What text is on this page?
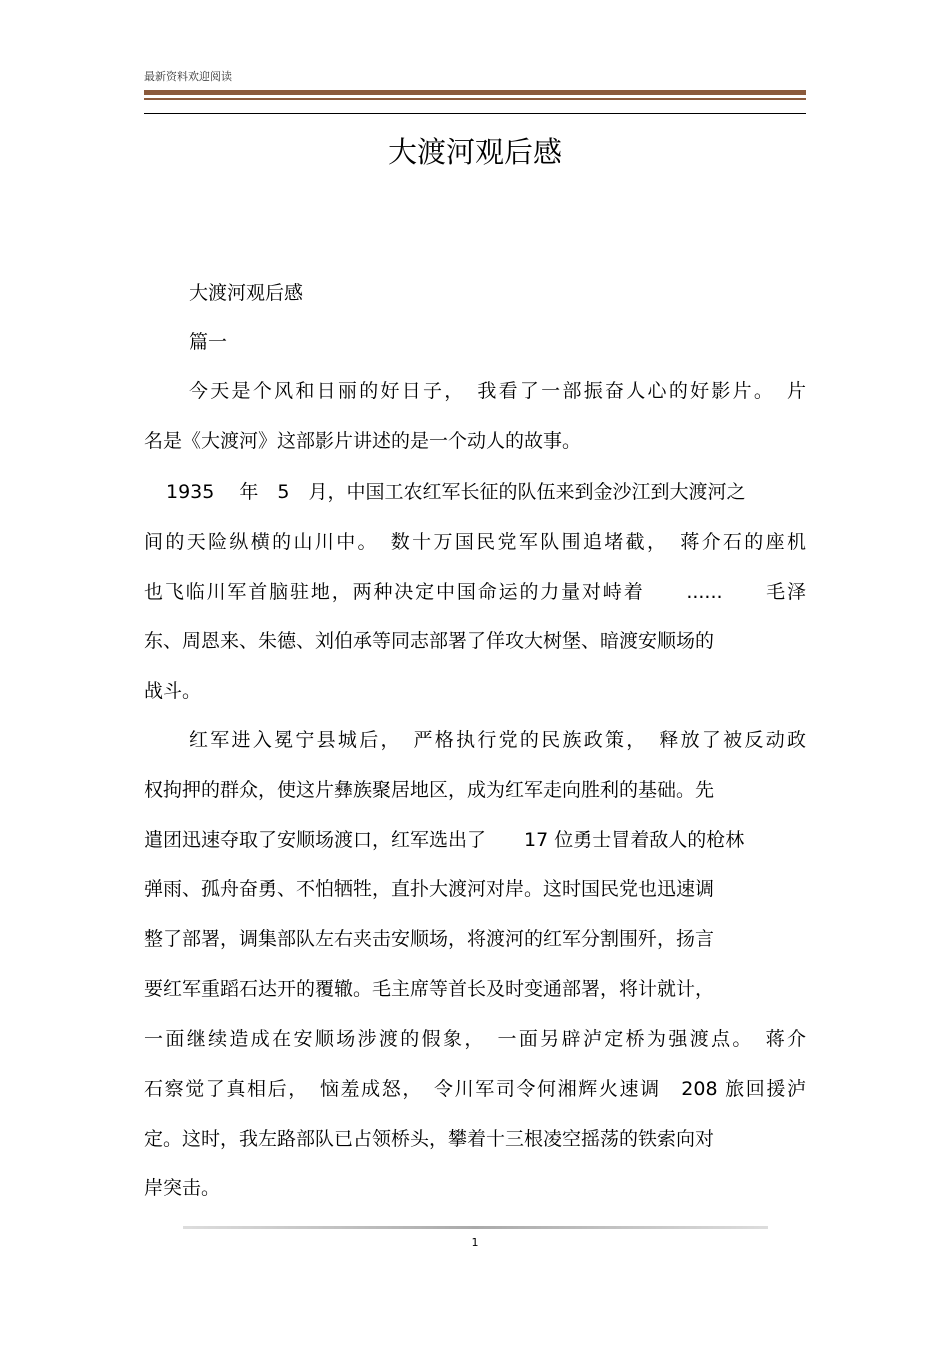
最新资料欢迎阅读
大渡河观后感
大渡河观后感
篇一
今天是个风和日丽的好日子，　我看了一部振奋人心的好影片。　片
名是《大渡河》这部影片讲述的是一个动人的故事。
1935　 年　5　月，中国工农红军长征的队伍来到金沙江到大渡河之
间的天险纵横的山川中。　数十万国民党军队围追堵截，　蒋介石的座机
也飞临川军首脑驻地，两种决定中国命运的力量对峙着　　......　　毛泽
东、周恩来、朱德、刘伯承等同志部署了佯攻大树堡、暗渡安顺场的
战斗。
红军进入冕宁县城后，　严格执行党的民族政策，　释放了被反动政
权拘押的群众，使这片彝族聚居地区，成为红军走向胜利的基础。先
遣团迅速夺取了安顺场渡口，红军选出了　　17 位勇士冒着敌人的枪林
弹雨、孤舟奋勇、不怕牺牲，直扑大渡河对岸。这时国民党也迅速调
整了部署，调集部队左右夹击安顺场，将渡河的红军分割围歼，扬言
要红军重蹈石达开的覆辙。毛主席等首长及时变通部署，将计就计，
一面继续造成在安顺场涉渡的假象，　一面另辟泸定桥为强渡点。　蒋介
石察觉了真相后，　恼羞成怒，　令川军司令何湘辉火速调　208 旅回援泸
定。这时，我左路部队已占领桥头，攀着十三根凌空摇荡的铁索向对
岸突击。
1
